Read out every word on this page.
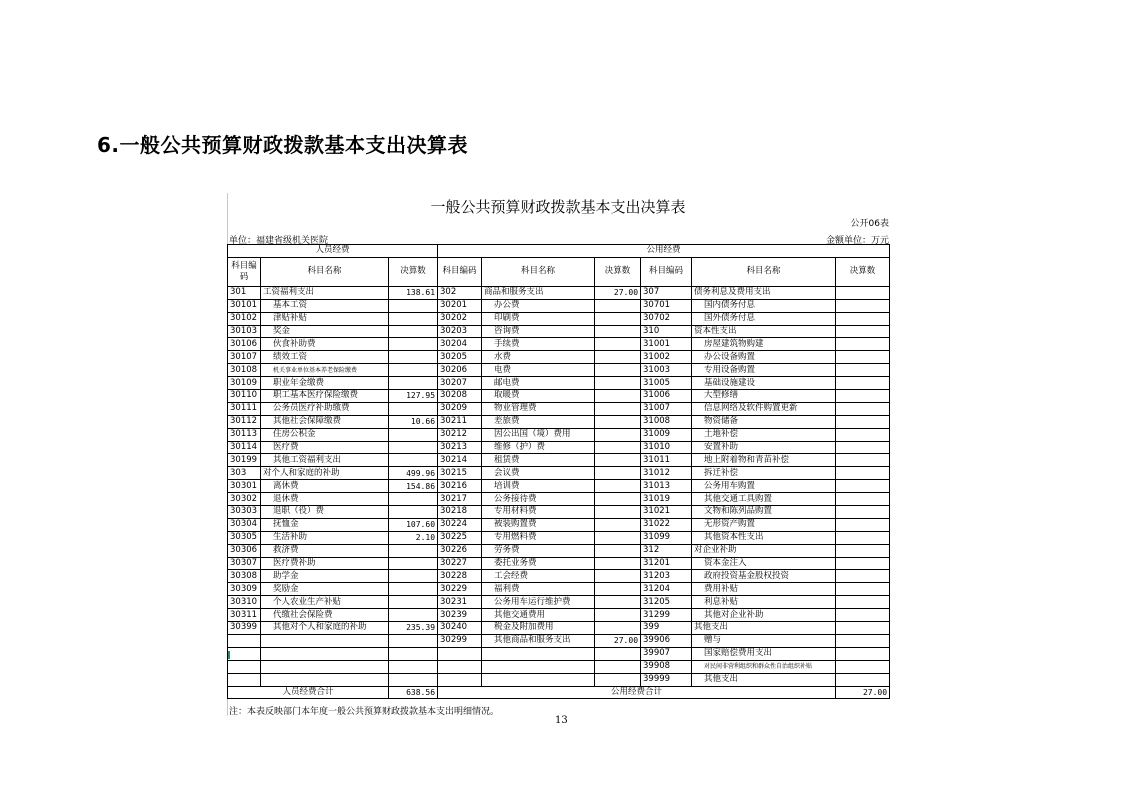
6.一般公共预算财政拨款基本支出决算表
一般公共预算财政拨款基本支出决算表
公开06表
单位：福建省级机关医院	金额单位：万元
人员经费			公用经费					
科目编码	科目名称	决算数	科目编码	科目名称	决算数	科目编码	科目名称	决算数
301	工资福利支出	138.61	302	商品和服务支出	27.00	307	债务利息及费用支出	
30101	基本工资		30201	办公费		30701	国内债务付息	
30102	津贴补贴		30202	印刷费		30702	国外债务付息	
30103	奖金		30203	咨询费		310	资本性支出	
30106	伙食补助费		30204	手续费		31001	房屋建筑物购建	
30107	绩效工资		30205	水费		31002	办公设备购置	
30108	机关事业单位基本养老保险缴费		30206	电费		31003	专用设备购置	
30109	职业年金缴费		30207	邮电费		31005	基础设施建设	
30110	职工基本医疗保险缴费	127.95	30208	取暖费		31006	大型修缮	
30111	公务员医疗补助缴费		30209	物业管理费		31007	信息网络及软件购置更新	
30112	其他社会保障缴费	10.66	30211	差旅费		31008	物资储备	
30113	住房公积金		30212	因公出国（境）费用		31009	土地补偿	
30114	医疗费		30213	维修（护）费		31010	安置补助	
30199	其他工资福利支出		30214	租赁费		31011	地上附着物和青苗补偿	
303	对个人和家庭的补助	499.96	30215	会议费		31012	拆迁补偿	
30301	离休费	154.86	30216	培训费		31013	公务用车购置	
30302	退休费		30217	公务接待费		31019	其他交通工具购置	
30303	退职（役）费		30218	专用材料费		31021	文物和陈列品购置	
30304	抚恤金	107.60	30224	被装购置费		31022	无形资产购置	
30305	生活补助	2.10	30225	专用燃料费		31099	其他资本性支出	
30306	救济费		30226	劳务费		312	对企业补助	
30307	医疗费补助		30227	委托业务费		31201	资本金注入	
30308	助学金		30228	工会经费		31203	政府投资基金股权投资	
30309	奖励金		30229	福利费		31204	费用补贴	
30310	个人农业生产补贴		30231	公务用车运行维护费		31205	利息补贴	
30311	代缴社会保险费		30239	其他交通费用		31299	其他对企业补助	
30399	其他对个人和家庭的补助	235.39	30240	税金及附加费用		399	其他支出	
			30299	其他商品和服务支出	27.00	39906	赠与	
						39907	国家赔偿费用支出	
						39908	对民间非营利组织和群众性自治组织补贴	
						39999	其他支出	
人员经费合计		638.56	公用经费合计					27.00
注：本表反映部门本年度一般公共预算财政拨款基本支出明细情况。
13
